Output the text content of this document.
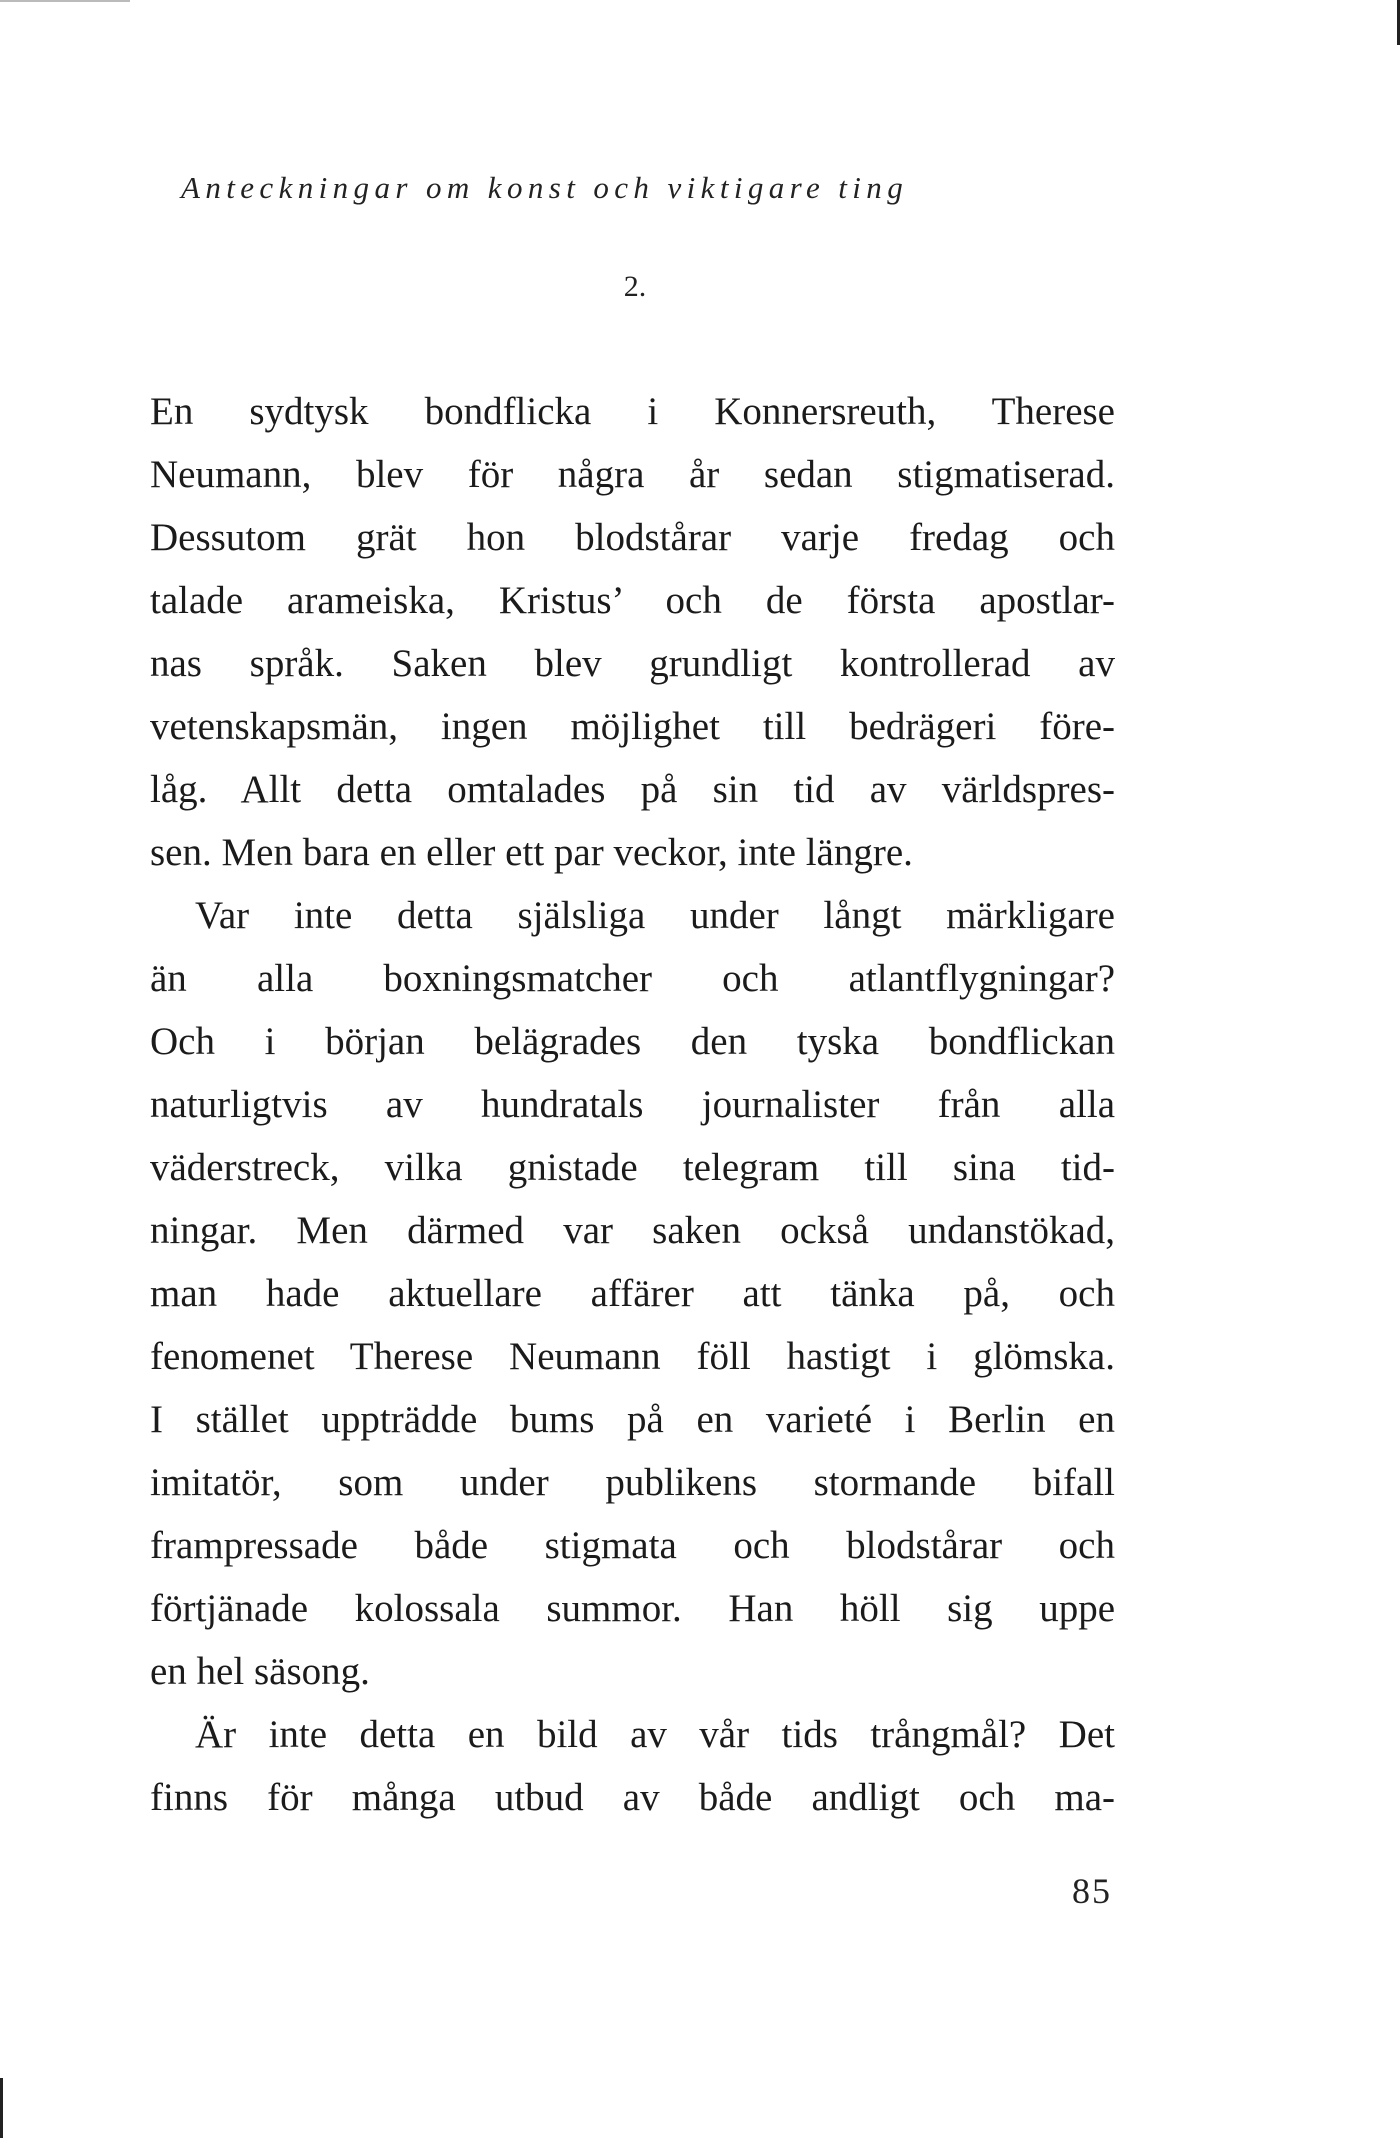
Anteckningar om konst och viktigare ting
2.
En sydtysk bondflicka i Konnersreuth, Therese
Neumann, blev för några år sedan stigmatiserad.
Dessutom grät hon blodstårar varje fredag och
talade arameiska, Kristus’ och de första apostlar-
nas språk. Saken blev grundligt kontrollerad av
vetenskapsmän, ingen möjlighet till bedrägeri före-
låg. Allt detta omtalades på sin tid av världspres-
sen. Men bara en eller ett par veckor, inte längre.
Var inte detta själsliga under långt märkligare
än alla boxningsmatcher och atlantflygningar?
Och i början belägrades den tyska bondflickan
naturligtvis av hundratals journalister från alla
väderstreck, vilka gnistade telegram till sina tid-
ningar. Men därmed var saken också undanstökad,
man hade aktuellare affärer att tänka på, och
fenomenet Therese Neumann föll hastigt i glömska.
I stället uppträdde bums på en varieté i Berlin en
imitatör, som under publikens stormande bifall
frampressade både stigmata och blodstårar och
förtjänade kolossala summor. Han höll sig uppe
en hel säsong.
Är inte detta en bild av vår tids trångmål? Det
finns för många utbud av både andligt och ma-
85
